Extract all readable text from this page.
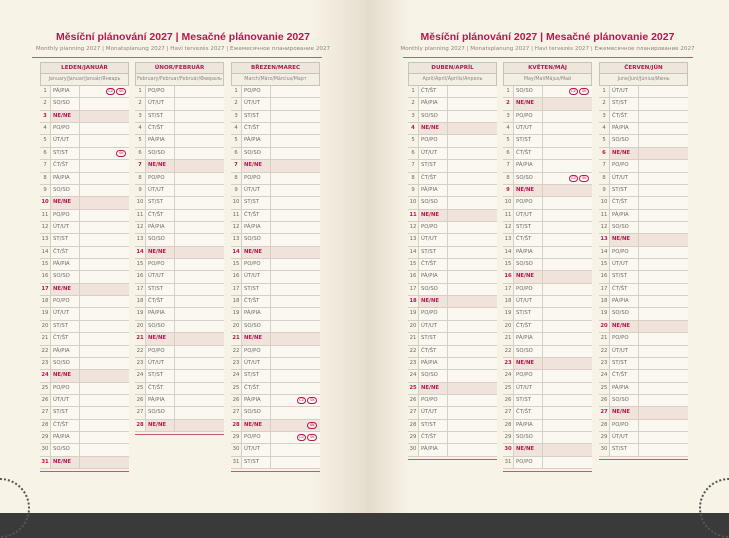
Měsíční plánování 2027 | Mesačné plánovanie 2027
Monthly planning 2027 | Monatsplanung 2027 | Havi tervezés 2027 | Ежемесячное планирование 2027
LEDEN/JANUÁR
January/Januar/Január/Январь
1	PÁ/PIA	CZ	SK
2	SO/SO
3	NE/NE
4	PO/PO
5	ÚT/UT
6	ST/ST	SK
7	ČT/ŠT
8	PÁ/PIA
9	SO/SO
10 NE/NE
11 PO/PO
12 ÚT/UT
13 ST/ST
14 ČT/ŠT
15 PÁ/PIA
16 SO/SO
17 NE/NE
18 PO/PO
19 ÚT/UT
20 ST/ST
21 ČT/ŠT
22 PÁ/PIA
23 SO/SO
24 NE/NE
25 PO/PO
26 ÚT/UT
27 ST/ST
28 ČT/ŠT
29 PÁ/PIA
30 SO/SO
31 NE/NE
ÚNOR/FEBRUÁR
February/Februar/Február/Февраль
1	PO/PO
2	ÚT/UT
3	ST/ST
4	ČT/ŠT
5	PÁ/PIA
6	SO/SO
7	NE/NE
8	PO/PO
9	ÚT/UT
10 ST/ST
11 ČT/ŠT
12 PÁ/PIA
13 SO/SO
14 NE/NE
15 PO/PO
16 ÚT/UT
17 ST/ST
18 ČT/ŠT
19 PÁ/PIA
20 SO/SO
21 NE/NE
22 PO/PO
23 ÚT/UT
24 ST/ST
25 ČT/ŠT
26 PÁ/PIA
27 SO/SO
28 NE/NE
BŘEZEN/MAREC
March/März/Március/Март
1	PO/PO
2	ÚT/UT
3	ST/ST
4	ČT/ŠT
5	PÁ/PIA
6	SO/SO
7	NE/NE
8	PO/PO
9	ÚT/UT
10 ST/ST
11 ČT/ŠT
12 PÁ/PIA
13 SO/SO
14 NE/NE
15 PO/PO
16 ÚT/UT
17 ST/ST
18 ČT/ŠT
19 PÁ/PIA
20 SO/SO
21 NE/NE
22 PO/PO
23 ÚT/UT
24 ST/ST
25 ČT/ŠT
26 PÁ/PIA	CZ	SK
27 SO/SO
28 NE/NE	SK
29 PO/PO	CZ	SK
30 ÚT/UT
31 ST/ST
Měsíční plánování 2027 | Mesačné plánovanie 2027
Monthly planning 2027 | Monatsplanung 2027 | Havi tervezés 2027 | Ежемесячное планирование 2027
DUBEN/APRÍL
April/April/Április/Апрель
1	ČT/ŠT
2	PÁ/PIA
3	SO/SO
4	NE/NE
5	PO/PO
6	ÚT/UT
7	ST/ST
8	ČT/ŠT
9	PÁ/PIA
10 SO/SO
11 NE/NE
12 PO/PO
13 ÚT/UT
14 ST/ST
15 ČT/ŠT
16 PÁ/PIA
17 SO/SO
18 NE/NE
19 PO/PO
20 ÚT/UT
21 ST/ST
22 ČT/ŠT
23 PÁ/PIA
24 SO/SO
25 NE/NE
26 PO/PO
27 ÚT/UT
28 ST/ST
29 ČT/ŠT
30 PÁ/PIA
KVĚTEN/MÁJ
May/Mai/Május/Май
1	SO/SO	CZ	SK
2	NE/NE
3	PO/PO
4	ÚT/UT
5	ST/ST
6	ČT/ŠT
7	PÁ/PIA
8	SO/SO	CZ	SK
9	NE/NE
10 PO/PO
11 ÚT/UT
12 ST/ST
13 ČT/ŠT
14 PÁ/PIA
15 SO/SO
16 NE/NE
17 PO/PO
18 ÚT/UT
19 ST/ST
20 ČT/ŠT
21 PÁ/PIA
22 SO/SO
23 NE/NE
24 PO/PO
25 ÚT/UT
26 ST/ST
27 ČT/ŠT
28 PÁ/PIA
29 SO/SO
30 NE/NE
31 PO/PO
ČERVEN/JÚN
June/Juni/Június/Июнь
1	ÚT/UT
2	ST/ST
3	ČT/ŠT
4	PÁ/PIA
5	SO/SO
6	NE/NE
7	PO/PO
8	ÚT/UT
9	ST/ST
10 ČT/ŠT
11 PÁ/PIA
12 SO/SO
13 NE/NE
14 PO/PO
15 ÚT/UT
16 ST/ST
17 ČT/ŠT
18 PÁ/PIA
19 SO/SO
20 NE/NE
21 PO/PO
22 ÚT/UT
23 ST/ST
24 ČT/ŠT
25 PÁ/PIA
26 SO/SO
27 NE/NE
28 PO/PO
29 ÚT/UT
30 ST/ST
